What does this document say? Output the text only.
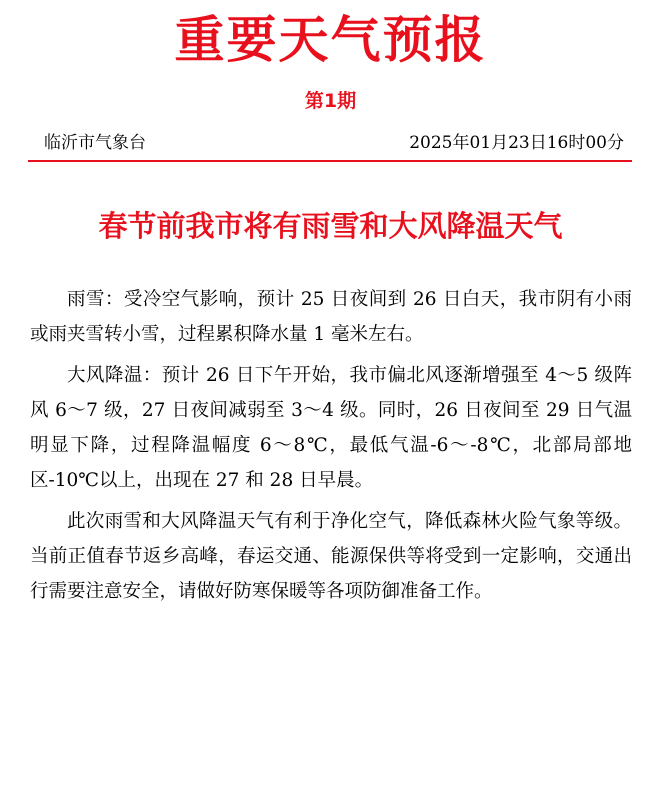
重要天气预报
第1期
临沂市气象台	2025年01月23日16时00分
春节前我市将有雨雪和大风降温天气

雨雪：受冷空气影响，预计 25 日夜间到 26 日白天，我市阴有小雨或雨夹雪转小雪，过程累积降水量 1 毫米左右。

大风降温：预计 26 日下午开始，我市偏北风逐渐增强至 4～5 级阵风 6～7 级，27 日夜间减弱至 3～4 级。同时，26 日夜间至 29 日气温明显下降，过程降温幅度 6～8℃，最低气温-6～-8℃，北部局部地区-10℃以上，出现在 27 和 28 日早晨。

此次雨雪和大风降温天气有利于净化空气，降低森林火险气象等级。 当前正值春节返乡高峰，春运交通、能源保供等将受到一定影响，交通出行需要注意安全，请做好防寒保暖等各项防御准备工作。
